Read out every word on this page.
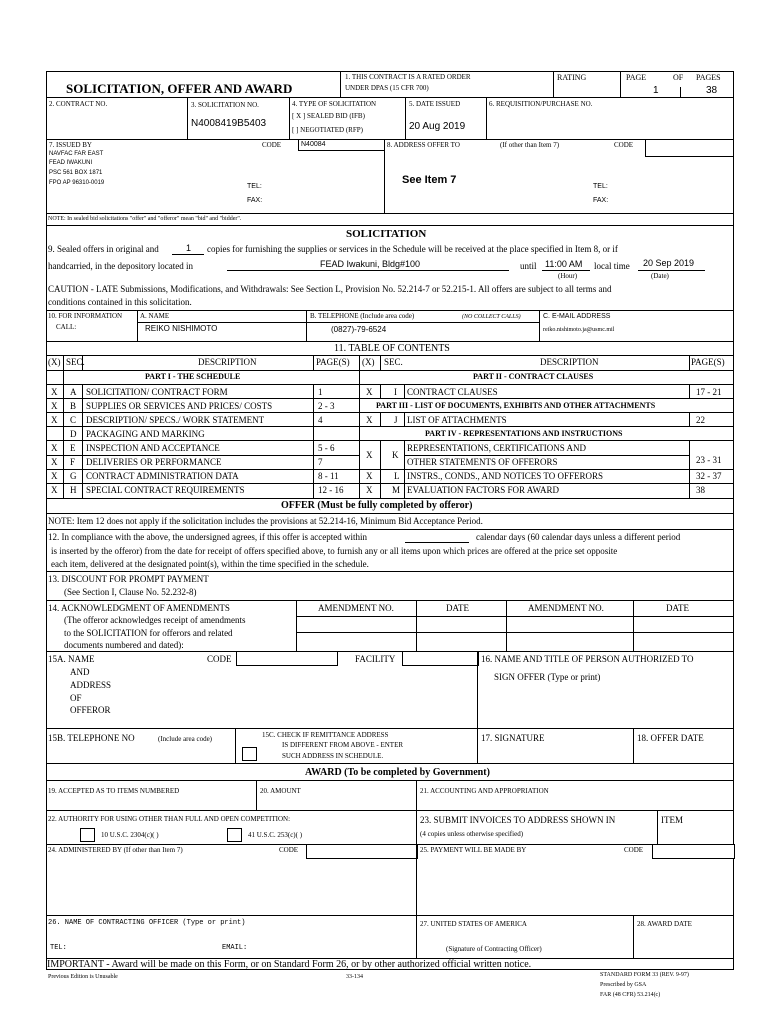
SOLICITATION, OFFER AND AWARD
1. THIS CONTRACT IS A RATED ORDER
UNDER DPAS (15 CFR 700)
RATING	PAGE	OF PAGES
1	38
2. CONTRACT NO.	3. SOLICITATION NO.
N4008419B5403
4. TYPE OF SOLICITATION
[ X ] SEALED BID (IFB)
[ ] NEGOTIATED (RFP)
5. DATE ISSUED
20 Aug 2019
6. REQUISITION/PURCHASE NO.
7. ISSUED BY	CODE	N40084
NAVFAC FAR EAST
FEAD IWAKUNI
PSC 561 BOX 1871
FPO AP 96310-0019	TEL:
FAX:
8. ADDRESS OFFER TO	(If other than Item 7)	CODE
See Item 7
TEL:
FAX:
NOTE: In sealed bid solicitations "offer" and "offeror" mean "bid" and "bidder".
SOLICITATION
9. Sealed offers in original and	1 copies for furnishing the supplies or services in the Schedule will be received at the place specified in Item 8, or if
handcarried, in the depository located in	FEAD Iwakuni, Bldg#100	until 11:00 AM local time 20 Sep 2019
(Hour)	(Date)
CAUTION - LATE Submissions, Modifications, and Withdrawals: See Section L, Provision No. 52.214-7 or 52.215-1. All offers are subject to all terms and
conditions contained in this solicitation.
10. FOR INFORMATION
CALL:
A. NAME
REIKO NISHIMOTO
B. TELEPHONE (Include area code)	(NO COLLECT CALLS)
(0827)-79-6524
C. E-MAIL ADDRESS
reiko.nishimoto.ja@usmc.mil
11. TABLE OF CONTENTS
(X) SEC.	DESCRIPTION	PAGE(S) (X) SEC.	DESCRIPTION	PAGE(S)
PART I - THE SCHEDULE	PART II - CONTRACT CLAUSES
X A SOLICITATION/ CONTRACT FORM	1
X B SUPPLIES OR SERVICES AND PRICES/ COSTS	2 - 3
X C DESCRIPTION/ SPECS./ WORK STATEMENT	4
D PACKAGING AND MARKING
X E INSPECTION AND ACCEPTANCE	5 - 6
X F DELIVERIES OR PERFORMANCE	7
X G CONTRACT ADMINISTRATION DATA	8 - 11
X H SPECIAL CONTRACT REQUIREMENTS	12 - 16
X I CONTRACT CLAUSES	17 - 21
PART III - LIST OF DOCUMENTS, EXHIBITS AND OTHER ATTACHMENTS
X J LIST OF ATTACHMENTS	22
PART IV - REPRESENTATIONS AND INSTRUCTIONS
X K
REPRESENTATIONS, CERTIFICATIONS AND
OTHER STATEMENTS OF OFFERORS	23 - 31
X L INSTRS., CONDS., AND NOTICES TO OFFERORS	32 - 37
X M EVALUATION FACTORS FOR AWARD	38
OFFER (Must be fully completed by offeror)
NOTE: Item 12 does not apply if the solicitation includes the provisions at 52.214-16, Minimum Bid Acceptance Period.
12. In compliance with the above, the undersigned agrees, if this offer is accepted within	calendar days (60 calendar days unless a different period
is inserted by the offeror) from the date for receipt of offers specified above, to furnish any or all items upon which prices are offered at the price set opposite
each item, delivered at the designated point(s), within the time specified in the schedule.
13. DISCOUNT FOR PROMPT PAYMENT
(See Section I, Clause No. 52.232-8)
14. ACKNOWLEDGMENT OF AMENDMENTS
(The offeror acknowledges receipt of amendments
to the SOLICITATION for offerors and related
documents numbered and dated):
AMENDMENT NO.	DATE	AMENDMENT NO.	DATE
15A. NAME
AND
ADDRESS
OF
OFFEROR
CODE	FACILITY	16. NAME AND TITLE OF PERSON AUTHORIZED TO
SIGN OFFER (Type or print)
15B. TELEPHONE NO	(Include area code)	15C. CHECK IF REMITTANCE ADDRESS
IS DIFFERENT FROM ABOVE - ENTER
SUCH ADDRESS IN SCHEDULE.
17. SIGNATURE	18. OFFER DATE
AWARD (To be completed by Government)
19. ACCEPTED AS TO ITEMS NUMBERED	20. AMOUNT	21. ACCOUNTING AND APPROPRIATION
22. AUTHORITY FOR USING OTHER THAN FULL AND OPEN COMPETITION:
10 U.S.C. 2304(c)( )	41 U.S.C. 253(c)( )
23. SUBMIT INVOICES TO ADDRESS SHOWN IN
(4 copies unless otherwise specified)
ITEM
24. ADMINISTERED BY (If other than Item 7)	CODE	25. PAYMENT WILL BE MADE BY	CODE
26. NAME OF CONTRACTING OFFICER (Type or print)
TEL:	EMAIL:
27. UNITED STATES OF AMERICA
(Signature of Contracting Officer)
28. AWARD DATE
IMPORTANT - Award will be made on this Form, or on Standard Form 26, or by other authorized official written notice.
Previous Edition is Unusable	33-134	STANDARD FORM 33 (REV. 9-97)
Prescribed by GSA
FAR (48 CFR) 53.214(c)
